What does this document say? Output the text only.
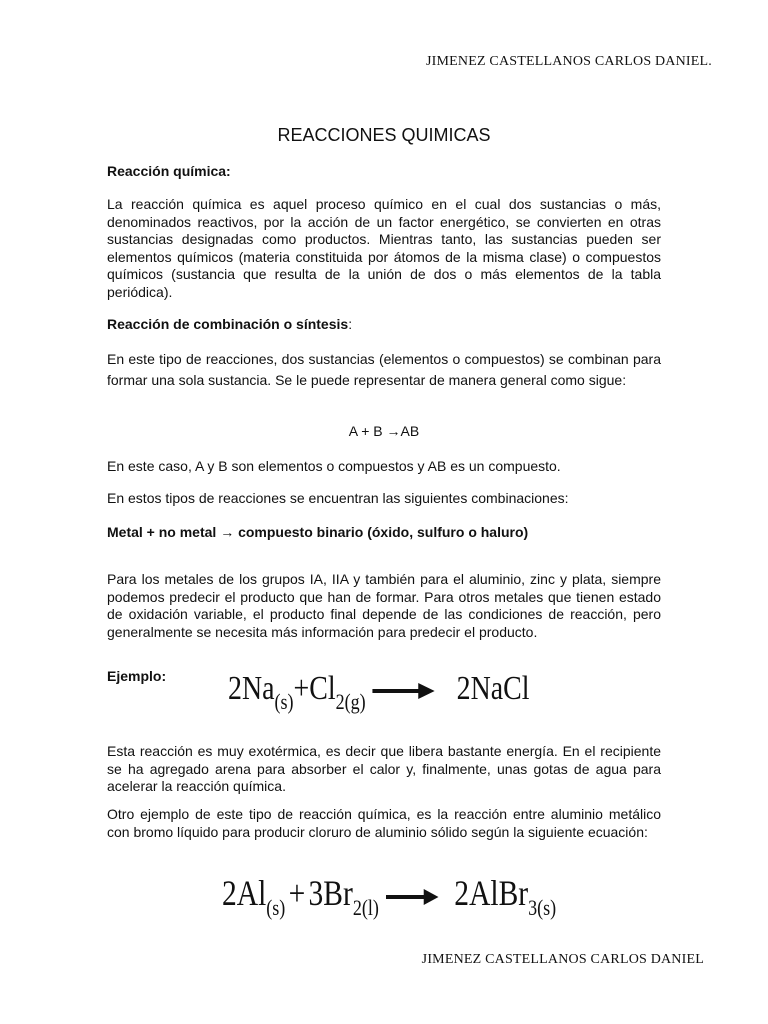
JIMENEZ CASTELLANOS CARLOS DANIEL.
REACCIONES QUIMICAS
Reacción química:
La reacción química es aquel proceso químico en el cual dos sustancias o más, denominados reactivos, por la acción de un factor energético, se convierten en otras sustancias designadas como productos. Mientras tanto, las sustancias pueden ser elementos químicos (materia constituida por átomos de la misma clase) o compuestos químicos (sustancia que resulta de la unión de dos o más elementos de la tabla periódica).
Reacción de combinación o síntesis:
En este tipo de reacciones, dos sustancias (elementos o compuestos) se combinan para formar una sola sustancia. Se le puede representar de manera general como sigue:
A + B →AB
En este caso, A y B son elementos o compuestos y AB es un compuesto.
En estos tipos de reacciones se encuentran las siguientes combinaciones:
Metal + no metal → compuesto binario (óxido, sulfuro o haluro)
Para los metales de los grupos IA, IIA y también para el aluminio, zinc y plata, siempre podemos predecir el producto que han de formar. Para otros metales que tienen estado de oxidación variable, el producto final depende de las condiciones de reacción, pero generalmente se necesita más información para predecir el producto.
Ejemplo:	$2Na_{(s)}+Cl_{2(g)}$ → 2NaCl
Esta reacción es muy exotérmica, es decir que libera bastante energía. En el recipiente se ha agregado arena para absorber el calor y, finalmente, unas gotas de agua para acelerar la reacción química.
Otro ejemplo de este tipo de reacción química, es la reacción entre aluminio metálico con bromo líquido para producir cloruro de aluminio sólido según la siguiente ecuación:
$2Al_{(s)}+3Br_{2(l)}$ → 2AlBr$_{3(s)}$
JIMENEZ CASTELLANOS CARLOS DANIEL
